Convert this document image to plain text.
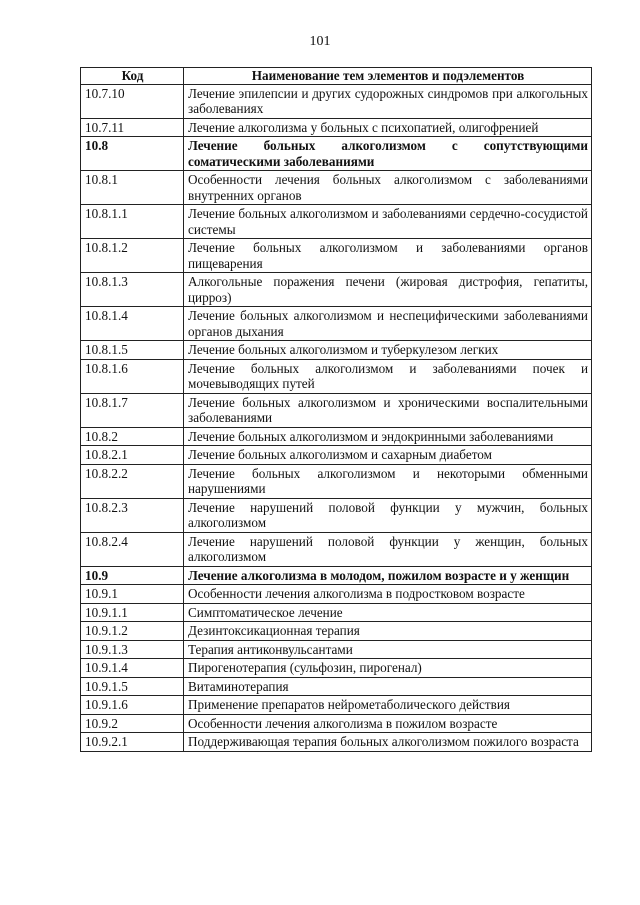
101
Код	Наименование тем элементов и подэлементов
10.7.10	Лечение эпилепсии и других судорожных синдромов при алкогольных заболеваниях
10.7.11	Лечение алкоголизма у больных с психопатией, олигофренией
10.8	Лечение больных алкоголизмом с сопутствующими соматическими заболеваниями
10.8.1	Особенности лечения больных алкоголизмом с заболеваниями внутренних органов
10.8.1.1	Лечение больных алкоголизмом и заболеваниями сердечно-сосудистой системы
10.8.1.2	Лечение больных алкоголизмом и заболеваниями органов пищеварения
10.8.1.3	Алкогольные поражения печени (жировая дистрофия, гепатиты, цирроз)
10.8.1.4	Лечение больных алкоголизмом и неспецифическими заболеваниями органов дыхания
10.8.1.5	Лечение больных алкоголизмом и туберкулезом легких
10.8.1.6	Лечение больных алкоголизмом и заболеваниями почек и мочевыводящих путей
10.8.1.7	Лечение больных алкоголизмом и хроническими воспалительными заболеваниями
10.8.2	Лечение больных алкоголизмом и эндокринными заболеваниями
10.8.2.1	Лечение больных алкоголизмом и сахарным диабетом
10.8.2.2	Лечение больных алкоголизмом и некоторыми обменными нарушениями
10.8.2.3	Лечение нарушений половой функции у мужчин, больных алкоголизмом
10.8.2.4	Лечение нарушений половой функции у женщин, больных алкоголизмом
10.9	Лечение алкоголизма в молодом, пожилом возрасте и у женщин
10.9.1	Особенности лечения алкоголизма в подростковом возрасте
10.9.1.1	Симптоматическое лечение
10.9.1.2	Дезинтоксикационная терапия
10.9.1.3	Терапия антиконвульсантами
10.9.1.4	Пирогенотерапия (сульфозин, пирогенал)
10.9.1.5	Витаминотерапия
10.9.1.6	Применение препаратов нейрометаболического действия
10.9.2	Особенности лечения алкоголизма в пожилом возрасте
10.9.2.1	Поддерживающая терапия больных алкоголизмом пожилого возраста
